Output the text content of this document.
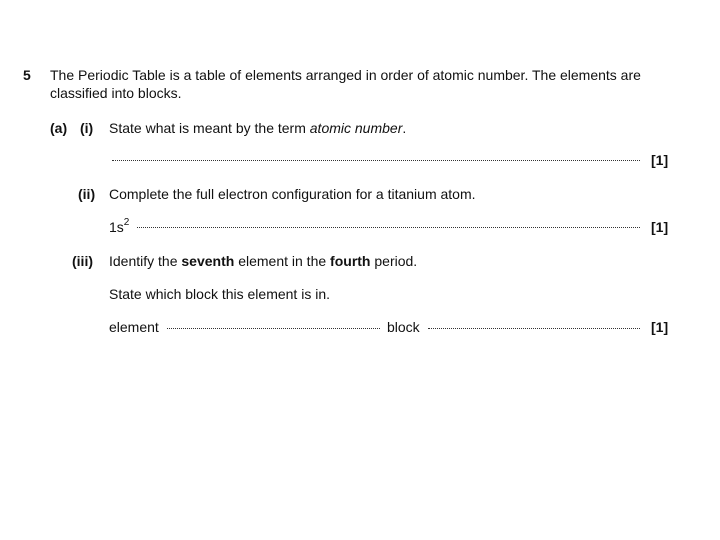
5 The Periodic Table is a table of elements arranged in order of atomic number. The elements are
classified into blocks.
(a) (i) State what is meant by the term atomic number.
[1]
(ii) Complete the full electron configuration for a titanium atom.
$1s^2$	[1]
(iii) Identify the seventh element in the fourth period.
State which block this element is in.
element	block	[1]
